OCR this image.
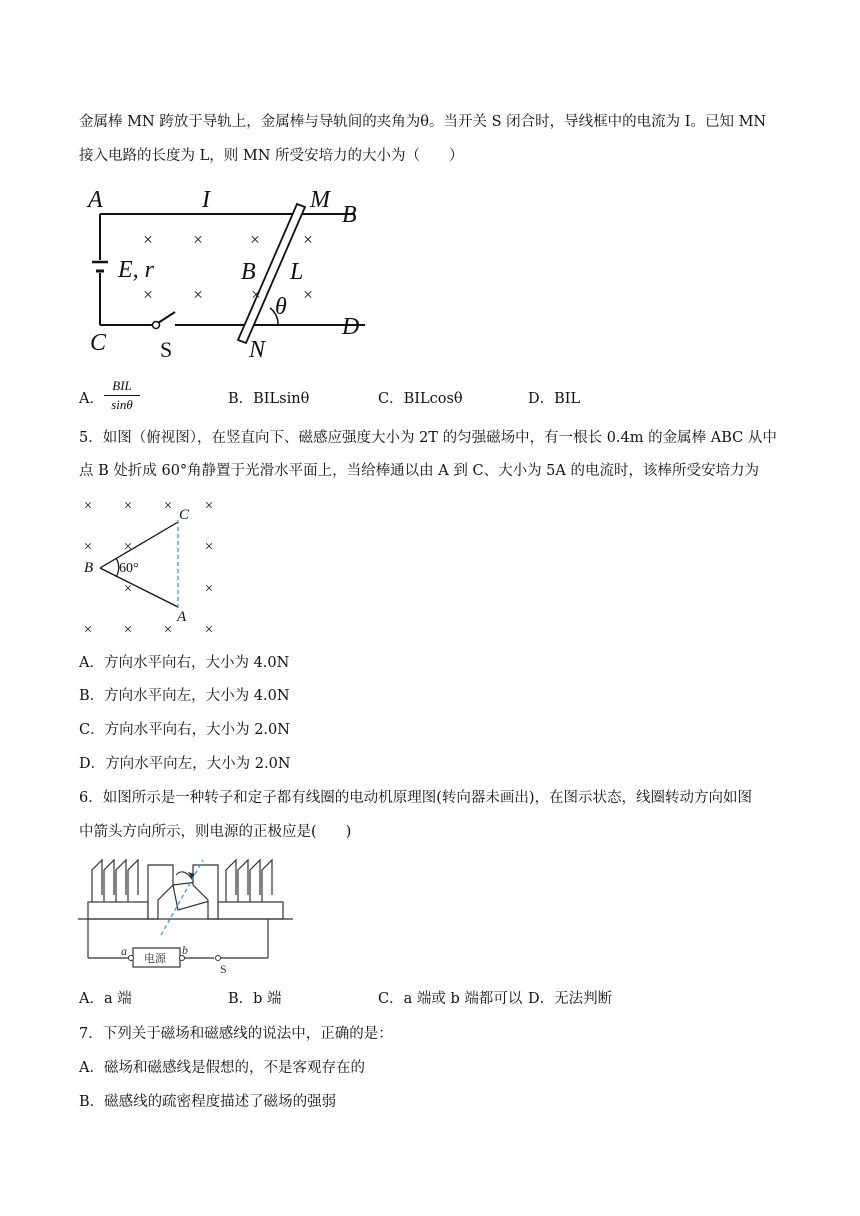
金属棒 MN 跨放于导轨上，金属棒与导轨间的夹角为θ。当开关 S 闭合时，导线框中的电流为 I。已知 MN
接入电路的长度为 L，则 MN 所受安培力的大小为（　　）
× ×	×	×
× ×	× ×
A	I	M
B
E, r	B L
θ
C	N
D
S
A．
BIL
sinθ	B．BILsinθ	C．BILcosθ	D．BIL
5．如图（俯视图），在竖直向下、磁感应强度大小为 2T 的匀强磁场中，有一根长 0.4m 的金属棒 ABC 从中
点 B 处折成 60°角静置于光滑水平面上，当给棒通以由 A 到 C、大小为 5A 的电流时，该棒所受安培力为
× × × ×
× ×	×
×	×
× × × ×
C
B
A
60°
A．方向水平向右，大小为 4.0N
B．方向水平向左，大小为 4.0N
C．方向水平向右，大小为 2.0N
D．方向水平向左，大小为 2.0N
6．如图所示是一种转子和定子都有线圈的电动机原理图(转向器未画出)，在图示状态，线圈转动方向如图
中箭头方向所示，则电源的正极应是(　　)
a
电源
b
S
A．a 端	B．b 端	C．a 端或 b 端都可以 D．无法判断
7．下列关于磁场和磁感线的说法中，正确的是：
A．磁场和磁感线是假想的，不是客观存在的
B．磁感线的疏密程度描述了磁场的强弱
